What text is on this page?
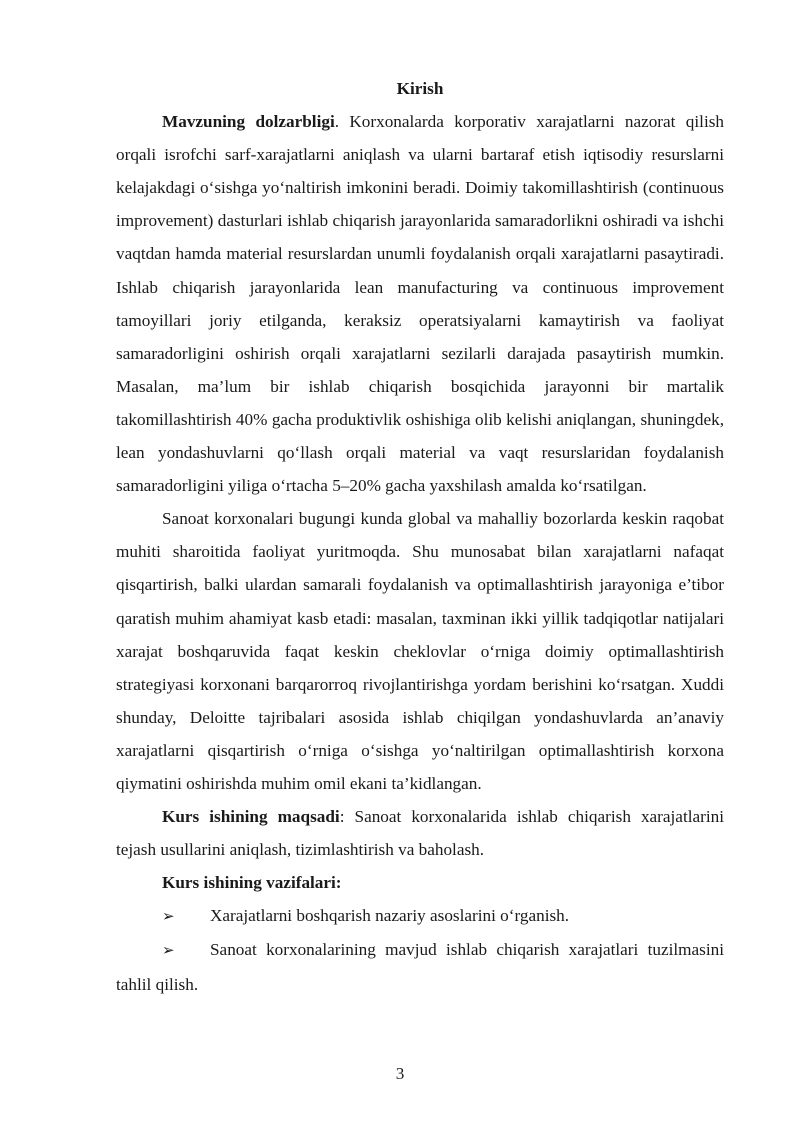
Kirish

Mavzuning dolzarbligi. Korxonalarda korporativ xarajatlarni nazorat qilish orqali isrofchi sarf-xarajatlarni aniqlash va ularni bartaraf etish iqtisodiy resurslarni kelajakdagi oʻsishga yoʻnaltirish imkonini beradi. Doimiy takomillashtirish (continuous improvement) dasturlari ishlab chiqarish jarayonlarida samaradorlikni oshiradi va ishchi vaqtdan hamda material resurslardan unumli foydalanish orqali xarajatlarni pasaytiradi. Ishlab chiqarish jarayonlarida lean manufacturing va continuous improvement tamoyillari joriy etilganda, keraksiz operatsiyalarni kamaytirish va faoliyat samaradorligini oshirish orqali xarajatlarni sezilarli darajada pasaytirish mumkin. Masalan, ma’lum bir ishlab chiqarish bosqichida jarayonni bir martalik takomillashtirish 40% gacha produktivlik oshishiga olib kelishi aniqlangan, shuningdek, lean yondashuvlarni qoʻllash orqali material va vaqt resurslaridan foydalanish samaradorligini yiliga oʻrtacha 5–20% gacha yaxshilash amalda koʻrsatilgan.

Sanoat korxonalari bugungi kunda global va mahalliy bozorlarda keskin raqobat muhiti sharoitida faoliyat yuritmoqda. Shu munosabat bilan xarajatlarni nafaqat qisqartirish, balki ulardan samarali foydalanish va optimallashtirish jarayoniga e’tibor qaratish muhim ahamiyat kasb etadi: masalan, taxminan ikki yillik tadqiqotlar natijalari xarajat boshqaruvida faqat keskin cheklovlar oʻrniga doimiy optimallashtirish strategiyasi korxonani barqarorroq rivojlantirishga yordam berishini koʻrsatgan. Xuddi shunday, Deloitte tajribalari asosida ishlab chiqilgan yondashuvlarda an’anaviy xarajatlarni qisqartirish oʻrniga oʻsishga yoʻnaltirilgan optimallashtirish korxona qiymatini oshirishda muhim omil ekani ta’kidlangan.

Kurs ishining maqsadi: Sanoat korxonalarida ishlab chiqarish xarajatlarini tejash usullarini aniqlash, tizimlashtirish va baholash.

Kurs ishining vazifalari:

➢ Xarajatlarni boshqarish nazariy asoslarini oʻrganish.

➢ Sanoat korxonalarining mavjud ishlab chiqarish xarajatlari tuzilmasini tahlil qilish.

3
